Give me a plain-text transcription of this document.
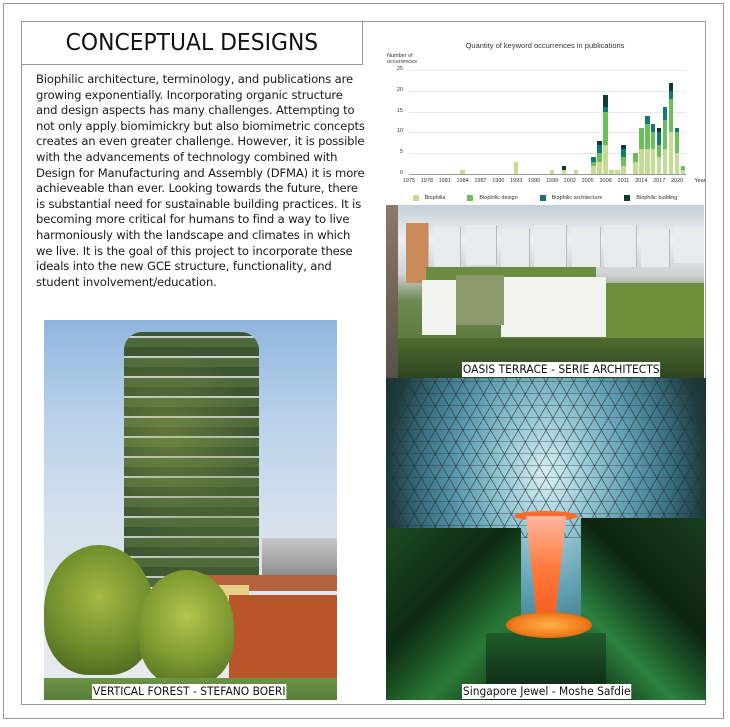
CONCEPTUAL DESIGNS
Biophilic architecture, terminology, and publications are growing exponentially. Incorporating organic structure and design aspects has many challenges. Attempting to not only apply biomimickry but also biomimetric concepts creates an even greater challenge. However, it is possible with the advancements of technology combined with Design for Manufacturing and Assembly (DFMA) it is more achieveable than ever. Looking towards the future, there is substantial need for sustainable building practices. It is becoming more critical for humans to find a way to live harmoniously with the landscape and climates in which we live. It is the goal of this project to incorporate these ideals into the new GCE structure, functionality, and student involvement/education.
Quantity of keyword occurrences in publications
Number of
occurrences
0
5
10
15
20
25
1975 1978 1981 1984 1987 1990 1993 1996 1999 2002 2005 2008 2011 2014 2017 2020 Year
Biophilia	Biophilic design	Biophilic architecture	Biophilic building
OASIS TERRACE - SERIE ARCHITECTS
Singapore Jewel - Moshe Safdie
VERTICAL FOREST - STEFANO BOERI
